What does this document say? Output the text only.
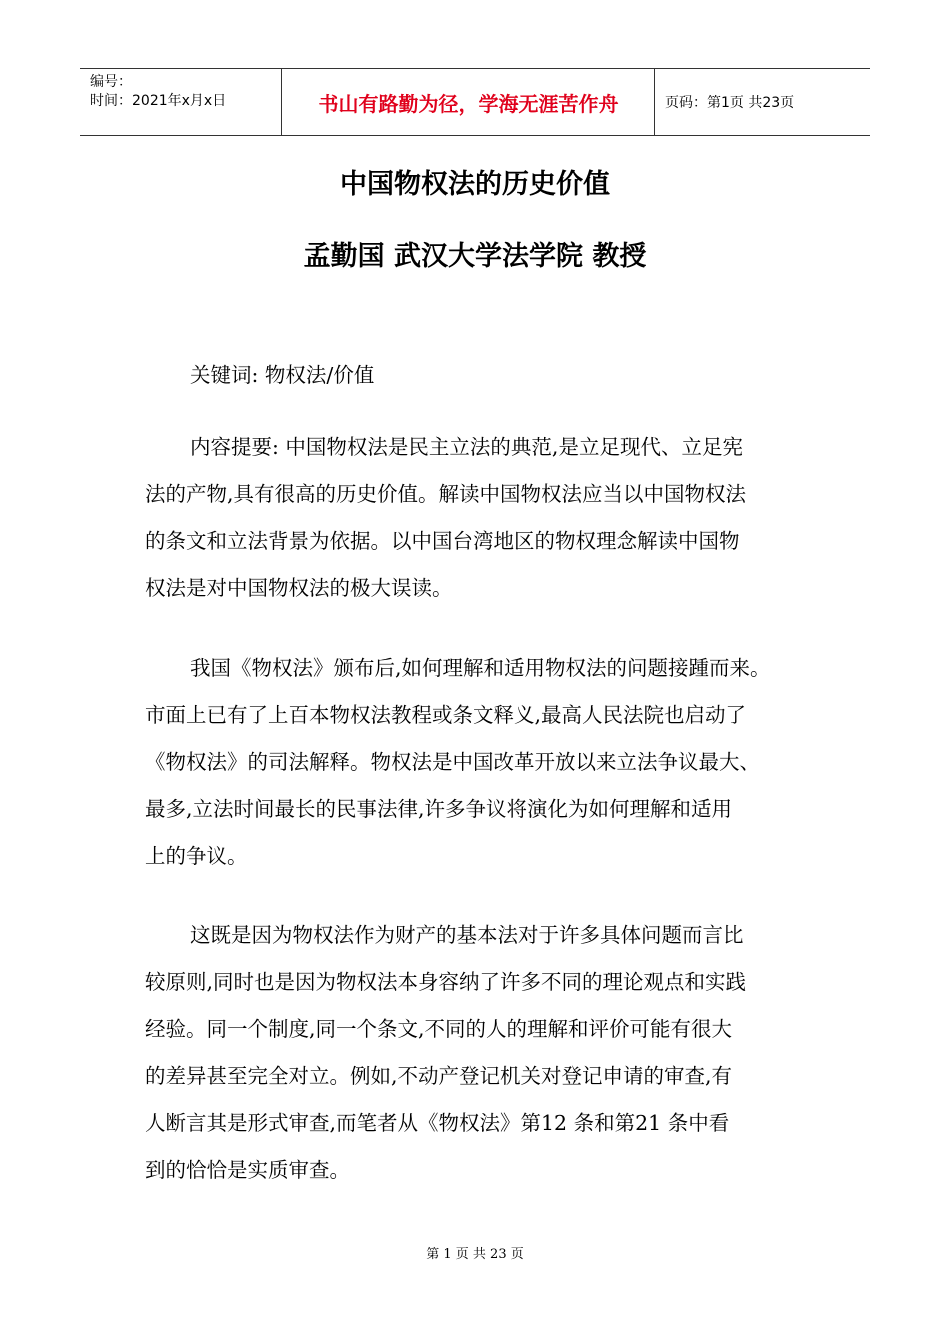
编号：
时间：2021年x月x日	书山有路勤为径，学海无涯苦作舟	页码：第1页 共23页
中国物权法的历史价值
孟勤国 武汉大学法学院 教授
关键词: 物权法/价值
内容提要: 中国物权法是民主立法的典范,是立足现代、立足宪
法的产物,具有很高的历史价值。解读中国物权法应当以中国物权法
的条文和立法背景为依据。以中国台湾地区的物权理念解读中国物
权法是对中国物权法的极大误读。
我国《物权法》颁布后,如何理解和适用物权法的问题接踵而来。
市面上已有了上百本物权法教程或条文释义,最高人民法院也启动了
《物权法》的司法解释。物权法是中国改革开放以来立法争议最大、
最多,立法时间最长的民事法律,许多争议将演化为如何理解和适用
上的争议。
这既是因为物权法作为财产的基本法对于许多具体问题而言比
较原则,同时也是因为物权法本身容纳了许多不同的理论观点和实践
经验。同一个制度,同一个条文,不同的人的理解和评价可能有很大
的差异甚至完全对立。例如,不动产登记机关对登记申请的审查,有
人断言其是形式审查,而笔者从《物权法》第12 条和第21 条中看
到的恰恰是实质审查。
第 1 页 共 23 页
